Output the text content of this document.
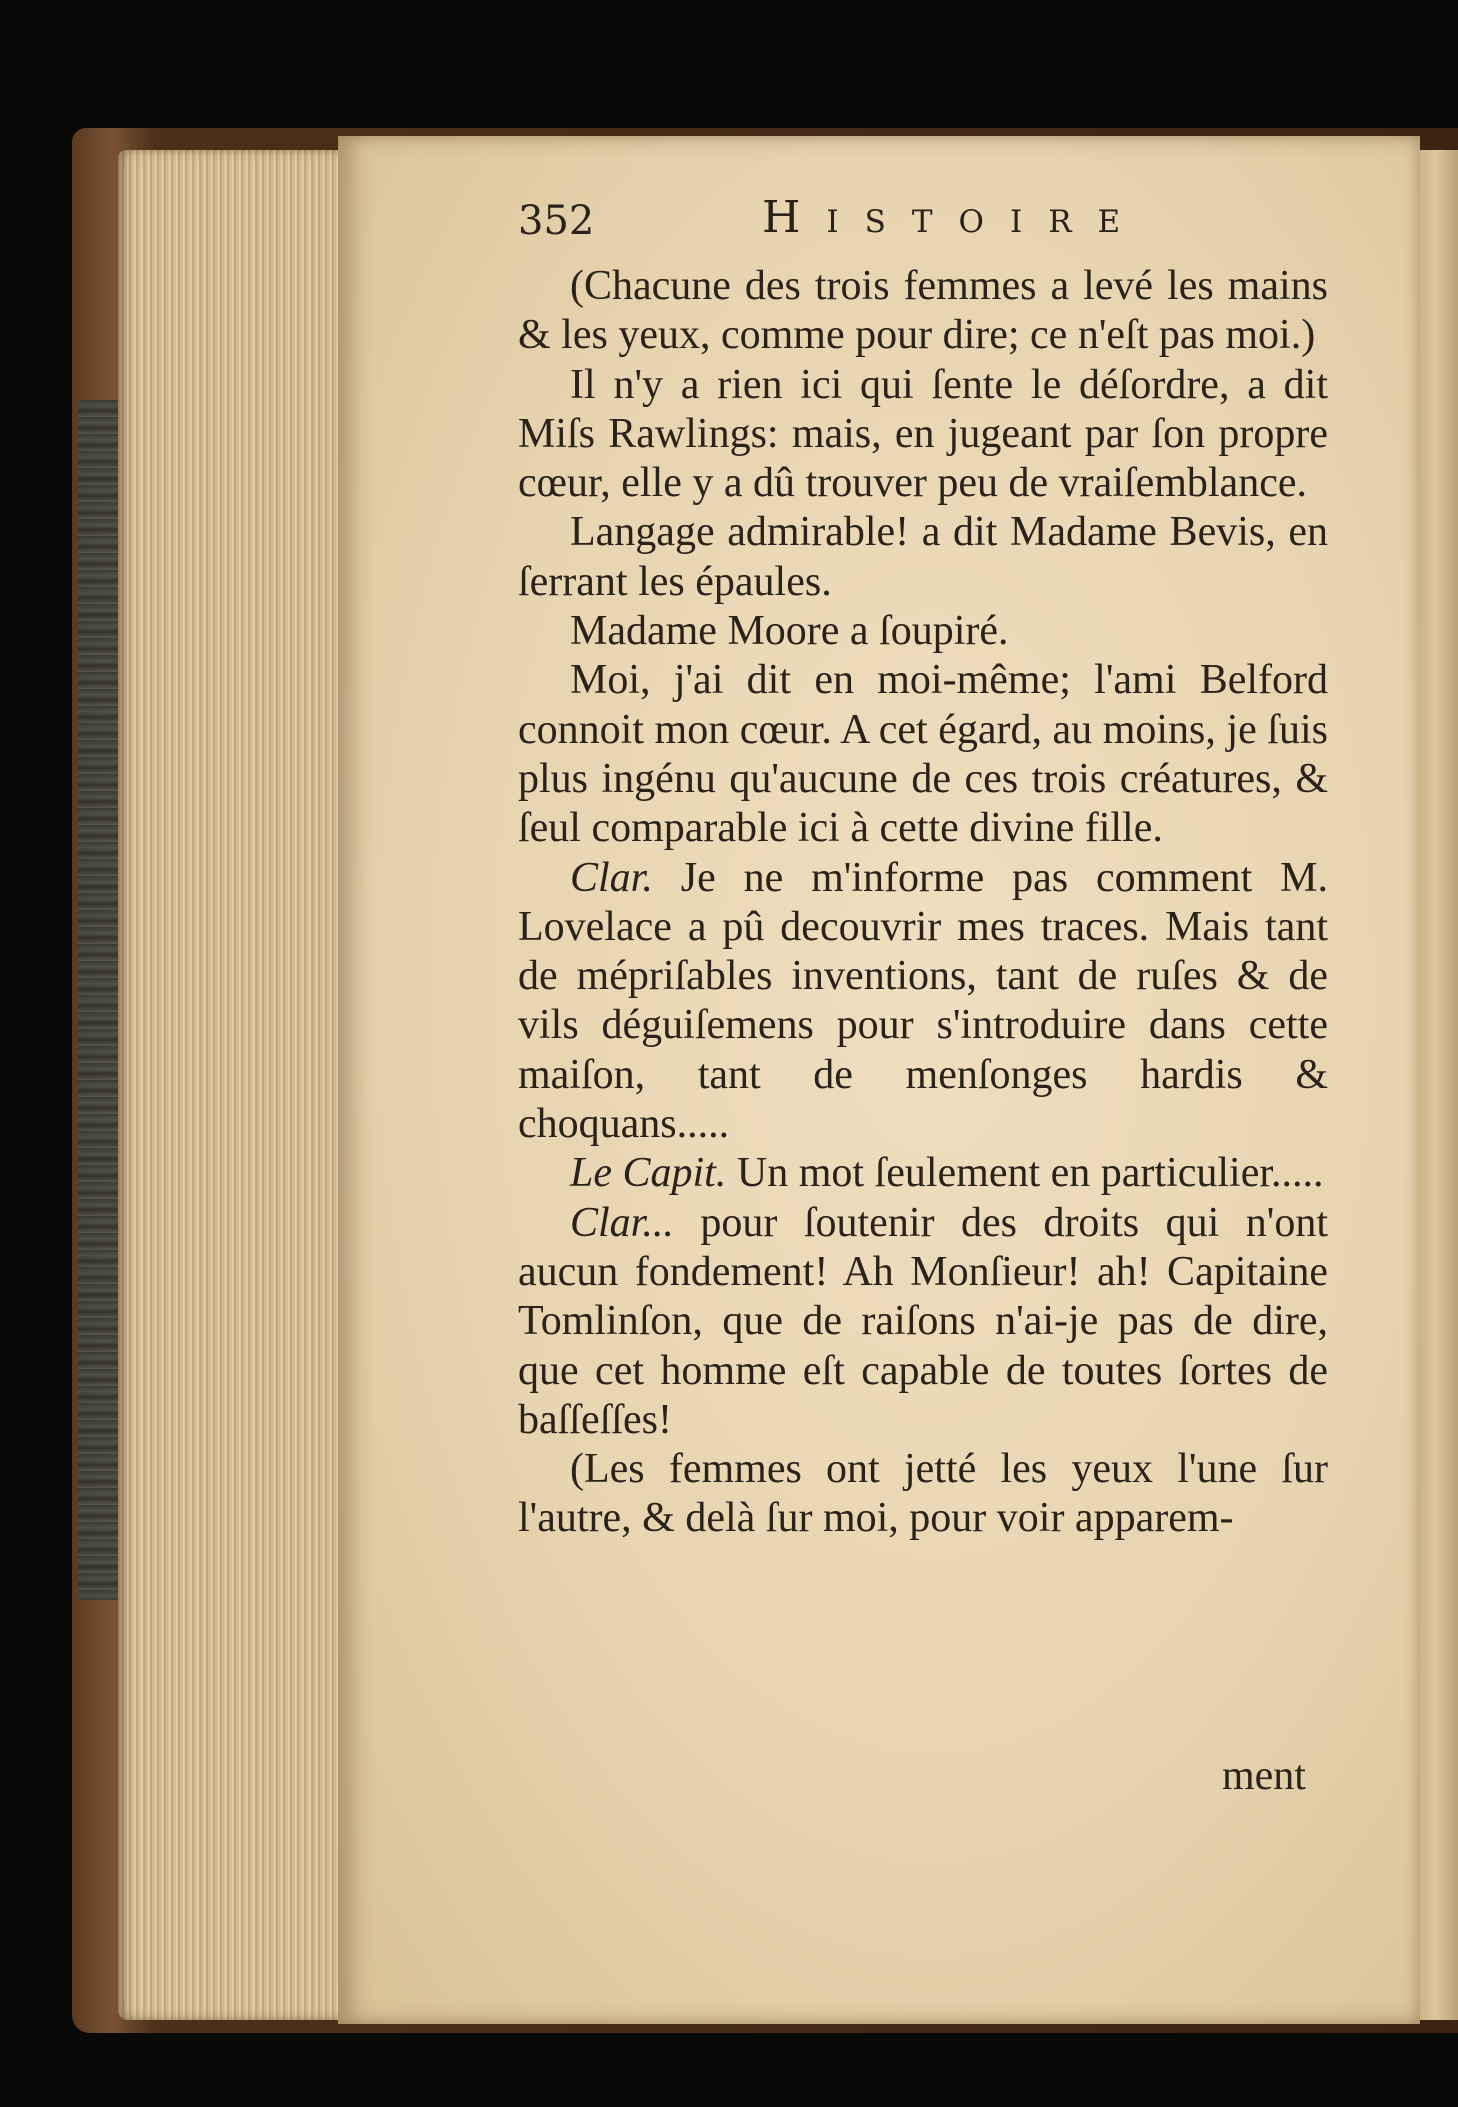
352	Histoire

(Chacune des trois femmes a levé les mains & les yeux, comme pour dire; ce n'eſt pas moi.)

Il n'y a rien ici qui ſente le déſordre, a dit Miſs Rawlings: mais, en jugeant par ſon propre cœur, elle y a dû trouver peu de vraiſemblance.

Langage admirable! a dit Madame Bevis, en ſerrant les épaules.

Madame Moore a ſoupiré.

Moi, j'ai dit en moi-même; l'ami Belford connoit mon cœur. A cet égard, au moins, je ſuis plus ingénu qu'aucune de ces trois créatures, & ſeul comparable ici à cette divine fille.

Clar. Je ne m'informe pas comment M. Lovelace a pû decouvrir mes traces. Mais tant de mépriſables inventions, tant de ruſes & de vils déguiſemens pour s'introduire dans cette maiſon, tant de menſonges hardis & choquans.....

Le Capit. Un mot ſeulement en particulier.....

Clar... pour ſoutenir des droits qui n'ont aucun fondement! Ah Monſieur! ah! Capitaine Tomlinſon, que de raiſons n'ai-je pas de dire, que cet homme eſt capable de toutes ſortes de baſſeſſes!

(Les femmes ont jetté les yeux l'une ſur l'autre, & delà ſur moi, pour voir apparem-

ment
